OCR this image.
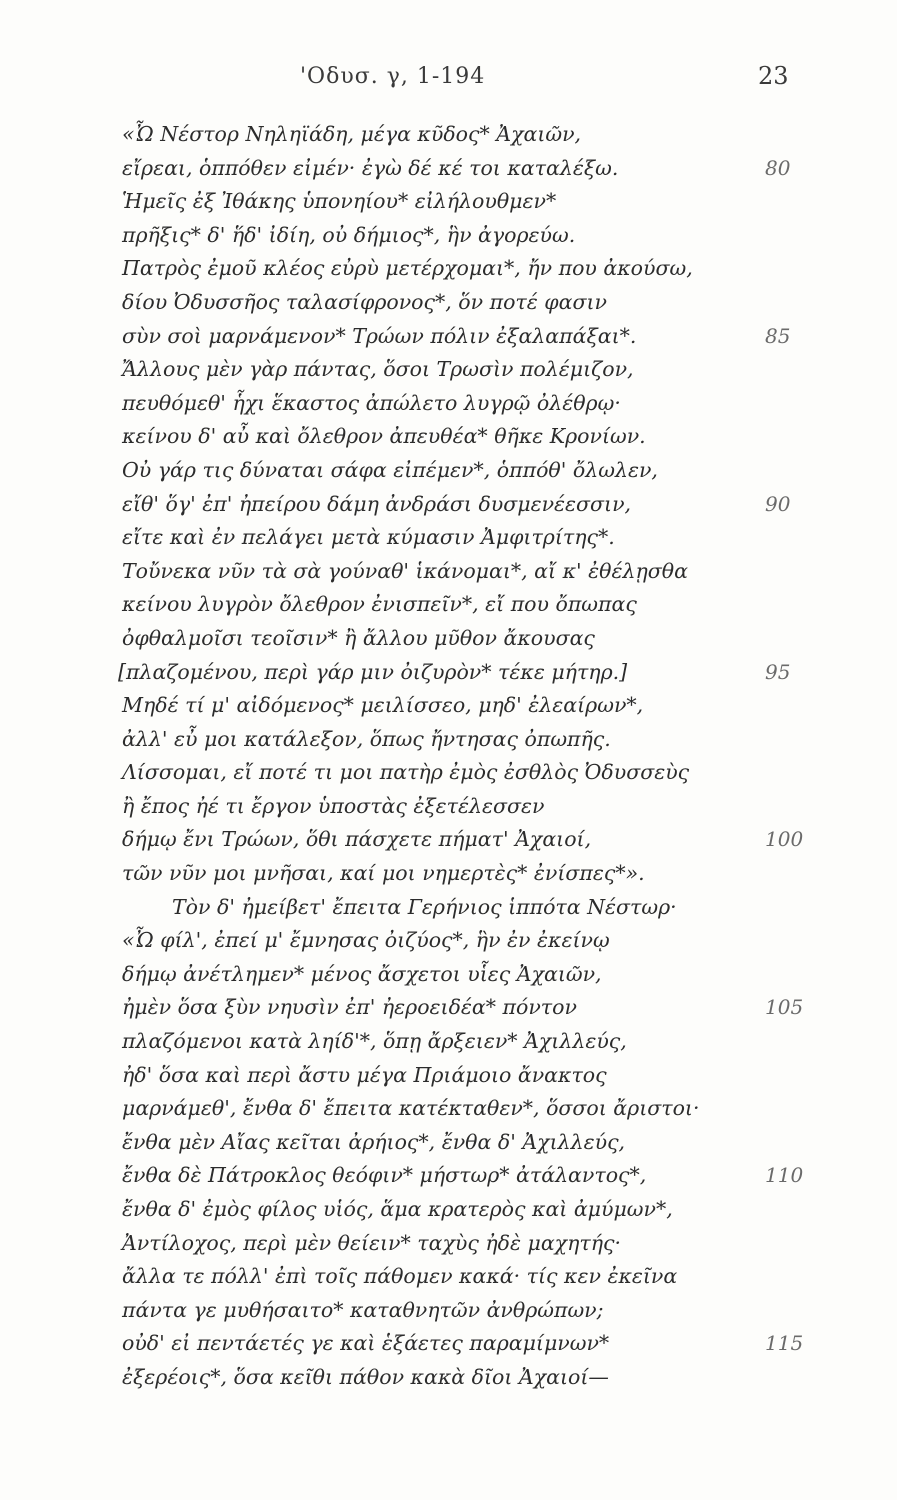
'Οδυσ. γ, 1-194	23
«Ὦ Νέστορ Νηληϊάδη, μέγα κῦδος* Ἀχαιῶν,
εἴρεαι, ὁππόθεν εἰμέν· ἐγὼ δέ κέ τοι καταλέξω.	80
Ἡμεῖς ἐξ Ἰθάκης ὑπονηίου* εἰλήλουθμεν*
πρῆξις* δ' ἥδ' ἰδίη, οὐ δήμιος*, ἣν ἀγορεύω.
Πατρὸς ἐμοῦ κλέος εὐρὺ μετέρχομαι*, ἤν που ἀκούσω,
δίου Ὀδυσσῆος ταλασίφρονος*, ὅν ποτέ φασιν
σὺν σοὶ μαρνάμενον* Τρώων πόλιν ἐξαλαπάξαι*.	85
Ἄλλους μὲν γὰρ πάντας, ὅσοι Τρωσὶν πολέμιζον,
πευθόμεθ' ἧχι ἕκαστος ἀπώλετο λυγρῷ ὀλέθρῳ·
κείνου δ' αὖ καὶ ὄλεθρον ἀπευθέα* θῆκε Κρονίων.
Οὐ γάρ τις δύναται σάφα εἰπέμεν*, ὁππόθ' ὄλωλεν,
εἴθ' ὅγ' ἐπ' ἠπείρου δάμη ἀνδράσι δυσμενέεσσιν,	90
εἴτε καὶ ἐν πελάγει μετὰ κύμασιν Ἀμφιτρίτης*.
Τοὔνεκα νῦν τὰ σὰ γούναθ' ἱκάνομαι*, αἴ κ' ἐθέλῃσθα
κείνου λυγρὸν ὄλεθρον ἐνισπεῖν*, εἴ που ὄπωπας
ὀφθαλμοῖσι τεοῖσιν* ἢ ἄλλου μῦθον ἄκουσας
[πλαζομένου, περὶ γάρ μιν ὀιζυρὸν* τέκε μήτηρ.]	95
Μηδέ τί μ' αἰδόμενος* μειλίσσεο, μηδ' ἐλεαίρων*,
ἀλλ' εὖ μοι κατάλεξον, ὅπως ἤντησας ὀπωπῆς.
Λίσσομαι, εἴ ποτέ τι μοι πατὴρ ἐμὸς ἐσθλὸς Ὀδυσσεὺς
ἢ ἔπος ἠέ τι ἔργον ὑποστὰς ἐξετέλεσσεν
δήμῳ ἔνι Τρώων, ὅθι πάσχετε πήματ' Ἀχαιοί,	100
τῶν νῦν μοι μνῆσαι, καί μοι νημερτὲς* ἐνίσπες*».
Τὸν δ' ἠμείβετ' ἔπειτα Γερήνιος ἱππότα Νέστωρ·
«Ὦ φίλ', ἐπεί μ' ἔμνησας ὀιζύος*, ἣν ἐν ἐκείνῳ
δήμῳ ἀνέτλημεν* μένος ἄσχετοι υἷες Ἀχαιῶν,
ἠμὲν ὅσα ξὺν νηυσὶν ἐπ' ἠεροειδέα* πόντον	105
πλαζόμενοι κατὰ ληίδ'*, ὅπῃ ἄρξειεν* Ἀχιλλεύς,
ἠδ' ὅσα καὶ περὶ ἄστυ μέγα Πριάμοιο ἄνακτος
μαρνάμεθ', ἔνθα δ' ἔπειτα κατέκταθεν*, ὅσσοι ἄριστοι·
ἔνθα μὲν Αἴας κεῖται ἀρήιος*, ἔνθα δ' Ἀχιλλεύς,
ἔνθα δὲ Πάτροκλος θεόφιν* μήστωρ* ἀτάλαντος*,	110
ἔνθα δ' ἐμὸς φίλος υἱός, ἅμα κρατερὸς καὶ ἀμύμων*,
Ἀντίλοχος, περὶ μὲν θείειν* ταχὺς ἠδὲ μαχητής·
ἄλλα τε πόλλ' ἐπὶ τοῖς πάθομεν κακά· τίς κεν ἐκεῖνα
πάντα γε μυθήσαιτο* καταθνητῶν ἀνθρώπων;
οὐδ' εἰ πεντάετές γε καὶ ἑξάετες παραμίμνων*	115
ἐξερέοις*, ὅσα κεῖθι πάθον κακὰ δῖοι Ἀχαιοί—
